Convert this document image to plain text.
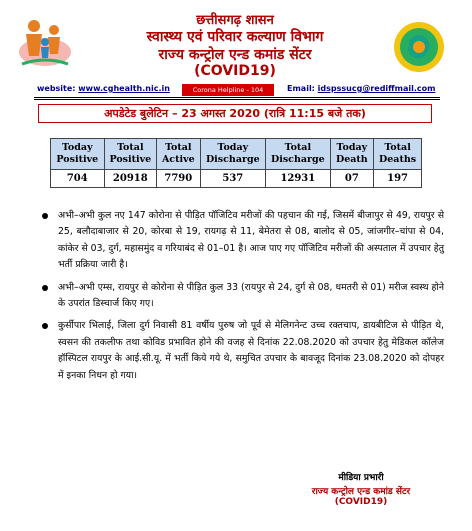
छत्तीसगढ़ शासन
स्वास्थ्य एवं परिवार कल्याण विभाग
राज्य कन्ट्रोल एन्ड कमांड सेंटर
(COVID19)
website: www.cghealth.nic.in	Corona Helpline - 104	Email: idspssucg@rediffmail.com
अपडेटेड बुलेटिन – 23 अगस्त 2020 (रात्रि 11:15 बजे तक)
Today Positive	Total Positive	Total Active	Today Discharge	Total Discharge	Today Death	Total Deaths
704	20918	7790	537	12931	07	197
अभी–अभी कुल नए 147 कोरोना से पीड़ित पॉजिटिव मरीजों की पहचान की गई, जिसमें बीजापुर से 49, रायपुर से 25, बलौदाबाजार से 20, कोरबा से 19, रायगढ़ से 11, बेमेतरा से 08, बालोद से 05, जांजगीर–चांपा से 04, कांकेर से 03, दुर्ग, महासमुंद व गरियाबंद से 01–01 है। आज पाए गए पॉजिटिव मरीजों की अस्पताल में उपचार हेतु भर्ती प्रक्रिया जारी है।
अभी–अभी एम्स, रायपुर से कोरोना से पीड़ित कुल 33 (रायपुर से 24, दुर्ग से 08, धमतरी से 01) मरीज स्वस्थ होने के उपरांत डिस्चार्ज किए गए।
कुर्सीपार भिलाई, जिला दुर्ग निवासी 81 वर्षीय पुरुष जो पूर्व से मेलिगनेन्ट उच्च रक्तचाप, डायबीटिज से पीड़ित थे, स्वसन की तकलीफ तथा कोविड प्रभावित होने की वजह से दिनांक 22.08.2020 को उपचार हेतु मेडिकल कॉलेज हॉस्पिटल रायपुर के आई.सी.यू. में भर्ती किये गये थे, समुचित उपचार के बावजूद दिनांक 23.08.2020 को दोपहर में इनका निधन हो गया।
मीडिया प्रभारी
राज्य कन्ट्रोल एन्ड कमांड सेंटर
(COVID19)
